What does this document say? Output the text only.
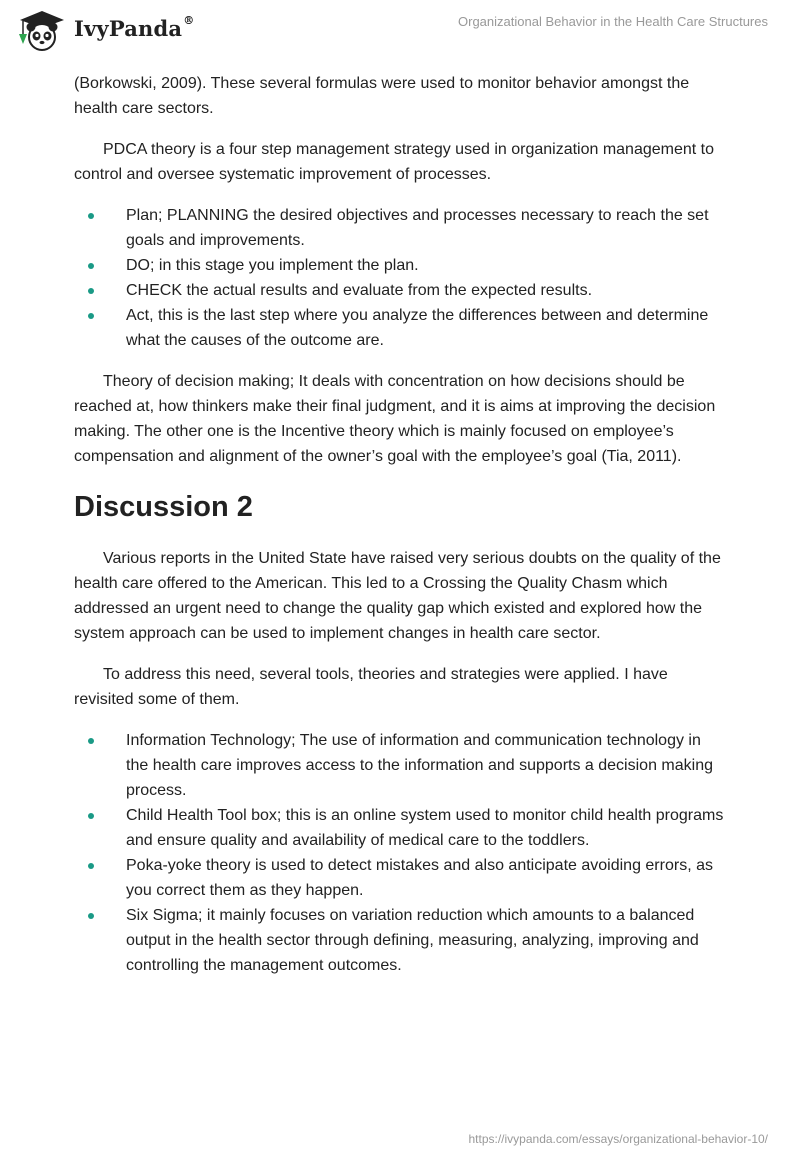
IvyPanda®	Organizational Behavior in the Health Care Structures

(Borkowski, 2009). These several formulas were used to monitor behavior amongst the health care sectors.

PDCA theory is a four step management strategy used in organization management to control and oversee systematic improvement of processes.

Plan; PLANNING the desired objectives and processes necessary to reach the set goals and improvements.
DO; in this stage you implement the plan.
CHECK the actual results and evaluate from the expected results.
Act, this is the last step where you analyze the differences between and determine what the causes of the outcome are.

Theory of decision making; It deals with concentration on how decisions should be reached at, how thinkers make their final judgment, and it is aims at improving the decision making. The other one is the Incentive theory which is mainly focused on employee’s compensation and alignment of the owner’s goal with the employee’s goal (Tia, 2011).

Discussion 2

Various reports in the United State have raised very serious doubts on the quality of the health care offered to the American. This led to a Crossing the Quality Chasm which addressed an urgent need to change the quality gap which existed and explored how the system approach can be used to implement changes in health care sector.

To address this need, several tools, theories and strategies were applied. I have revisited some of them.

Information Technology; The use of information and communication technology in the health care improves access to the information and supports a decision making process.
Child Health Tool box; this is an online system used to monitor child health programs and ensure quality and availability of medical care to the toddlers.
Poka-yoke theory is used to detect mistakes and also anticipate avoiding errors, as you correct them as they happen.
Six Sigma; it mainly focuses on variation reduction which amounts to a balanced output in the health sector through defining, measuring, analyzing, improving and controlling the management outcomes.
https://ivypanda.com/essays/organizational-behavior-10/
